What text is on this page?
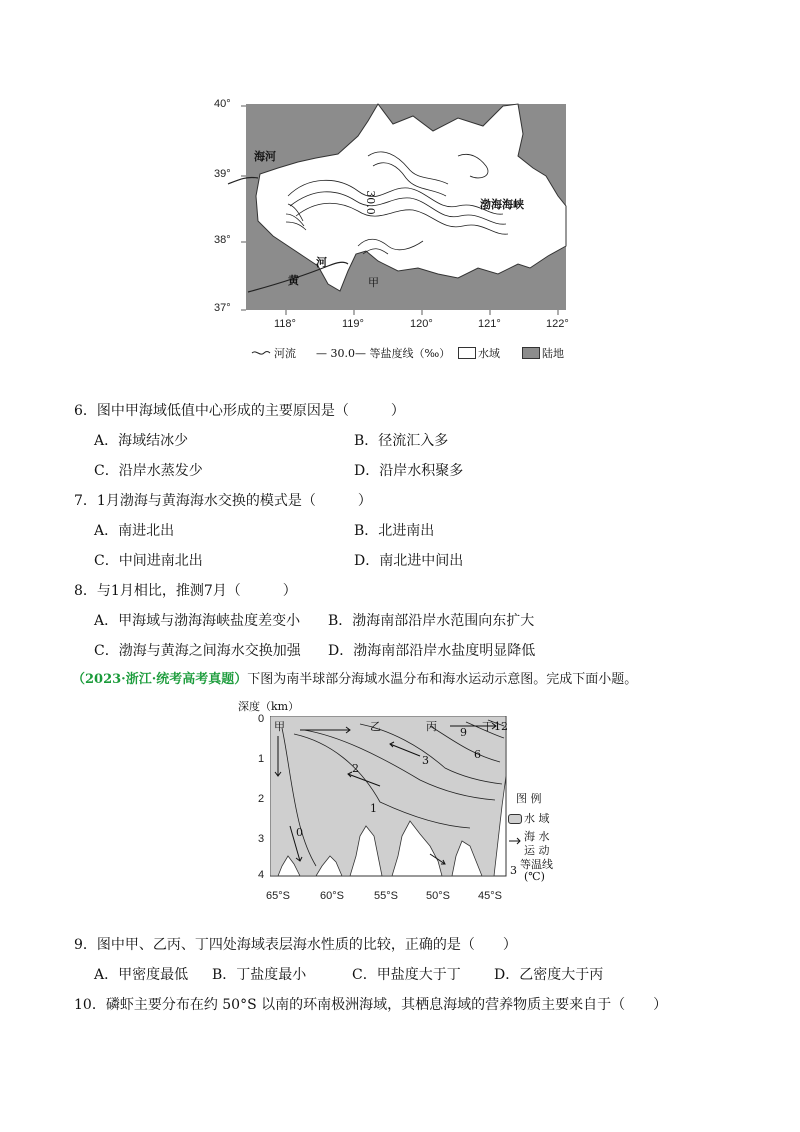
海河
渤海海峡
30.0
黄
河
甲
40°
39°
38°
37°
118°	119°	120°	121°	122°
河流 — 30.0— 等盐度线（‰）	水域	陆地
6．图中甲海域低值中心形成的主要原因是（　　　）
A．海域结冰少	B．径流汇入多
C．沿岸水蒸发少	D．沿岸水积聚多
7．1月渤海与黄海海水交换的模式是（　　　）
A．南进北出	B．北进南出
C．中间进南北出	D．南北进中间出
8．与1月相比，推测7月（　　　）
A．甲海域与渤海海峡盐度差变小 B．渤海南部沿岸水范围向东扩大
C．渤海与黄海之间海水交换加强 D．渤海南部沿岸水盐度明显降低
（2023·浙江·统考高考真题）下图为南半球部分海域水温分布和海水运动示意图。完成下面小题。
深度（km）
甲	乙	丙	丁
0
1
2
3	6
9 12
0
1
2
3
4
65°S	60°S	55°S	50°S	45°S
图 例
水 域
海 水
运 动
3 等温线
(℃)
9．图中甲、乙丙、丁四处海域表层海水性质的比较，正确的是（　　）
A．甲密度最低 B．丁盐度最小	C．甲盐度大于丁 D．乙密度大于丙
10．磷虾主要分布在约 50°S 以南的环南极洲海域，其栖息海域的营养物质主要来自于（　　）
